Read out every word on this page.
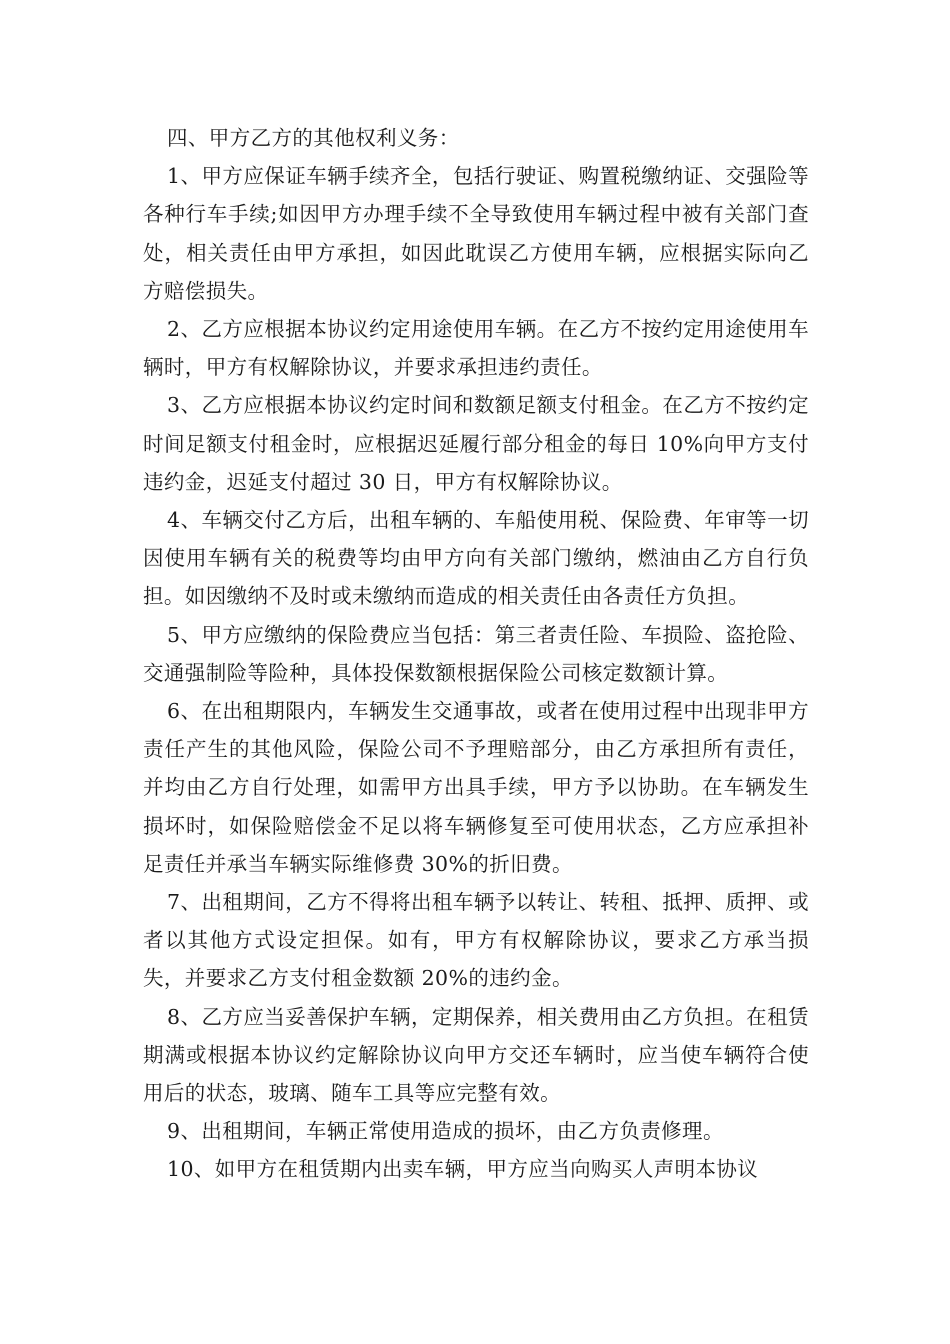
四、甲方乙方的其他权利义务：

1、甲方应保证车辆手续齐全，包括行驶证、购置税缴纳证、交强险等各种行车手续;如因甲方办理手续不全导致使用车辆过程中被有关部门查处，相关责任由甲方承担，如因此耽误乙方使用车辆，应根据实际向乙方赔偿损失。

2、乙方应根据本协议约定用途使用车辆。在乙方不按约定用途使用车辆时，甲方有权解除协议，并要求承担违约责任。

3、乙方应根据本协议约定时间和数额足额支付租金。在乙方不按约定时间足额支付租金时，应根据迟延履行部分租金的每日 10%向甲方支付违约金，迟延支付超过 30 日，甲方有权解除协议。

4、车辆交付乙方后，出租车辆的、车船使用税、保险费、年审等一切因使用车辆有关的税费等均由甲方向有关部门缴纳，燃油由乙方自行负担。如因缴纳不及时或未缴纳而造成的相关责任由各责任方负担。

5、甲方应缴纳的保险费应当包括：第三者责任险、车损险、盗抢险、交通强制险等险种，具体投保数额根据保险公司核定数额计算。

6、在出租期限内，车辆发生交通事故，或者在使用过程中出现非甲方责任产生的其他风险，保险公司不予理赔部分，由乙方承担所有责任，并均由乙方自行处理，如需甲方出具手续，甲方予以协助。在车辆发生损坏时，如保险赔偿金不足以将车辆修复至可使用状态，乙方应承担补足责任并承当车辆实际维修费 30%的折旧费。

7、出租期间，乙方不得将出租车辆予以转让、转租、抵押、质押、或者以其他方式设定担保。如有，甲方有权解除协议，要求乙方承当损失，并要求乙方支付租金数额 20%的违约金。

8、乙方应当妥善保护车辆，定期保养，相关费用由乙方负担。在租赁期满或根据本协议约定解除协议向甲方交还车辆时，应当使车辆符合使用后的状态，玻璃、随车工具等应完整有效。

9、出租期间，车辆正常使用造成的损坏，由乙方负责修理。

10、如甲方在租赁期内出卖车辆，甲方应当向购买人声明本协议
